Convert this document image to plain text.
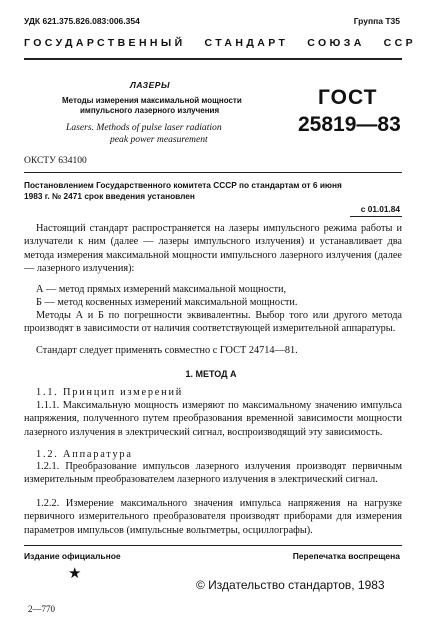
УДК 621.375.826.083:006.354	Группа Т35
ГОСУДАРСТВЕННЫЙ   СТАНДАРТ   СОЮЗА   ССР
ЛАЗЕРЫ
Методы измерения максимальной мощности
импульсного лазерного излучения
Lasers. Methods of pulse laser radiation
peak power measurement
ГОСТ
25819—83
ОКСТУ 634100
Постановлением Государственного комитета СССР по стандартам от 6 июня
1983 г. № 2471 срок введения установлен
с 01.01.84
Настоящий стандарт распространяется на лазеры импульсного режима работы и излучатели к ним (далее — лазеры импульсного излучения) и устанавливает два метода измерения максимальной мощности импульсного лазерного излучения (далее — лазерного излучения):
А — метод прямых измерений максимальной мощности,
Б — метод косвенных измерений максимальной мощности.
Методы А и Б по погрешности эквивалентны. Выбор того или другого метода производят в зависимости от наличия соответствующей измерительной аппаратуры.
Стандарт следует применять совместно с ГОСТ 24714—81.
1. МЕТОД А
1.1. Принцип измерений
1.1.1. Максимальную мощность измеряют по максимальному значению импульса напряжения, полученного путем преобразования временной зависимости мощности лазерного излучения в электрический сигнал, воспроизводящий эту зависимость.
1.2. Аппаратура
1.2.1. Преобразование импульсов лазерного излучения производят первичным измерительным преобразователем лазерного излучения в электрический сигнал.
1.2.2. Измерение максимального значения импульса напряжения на нагрузке первичного измерительного преобразователя производят приборами для измерения параметров импульсов (импульсные вольтметры, осциллографы).
Издание официальное	Перепечатка воспрещена
★
© Издательство стандартов, 1983
2—770
